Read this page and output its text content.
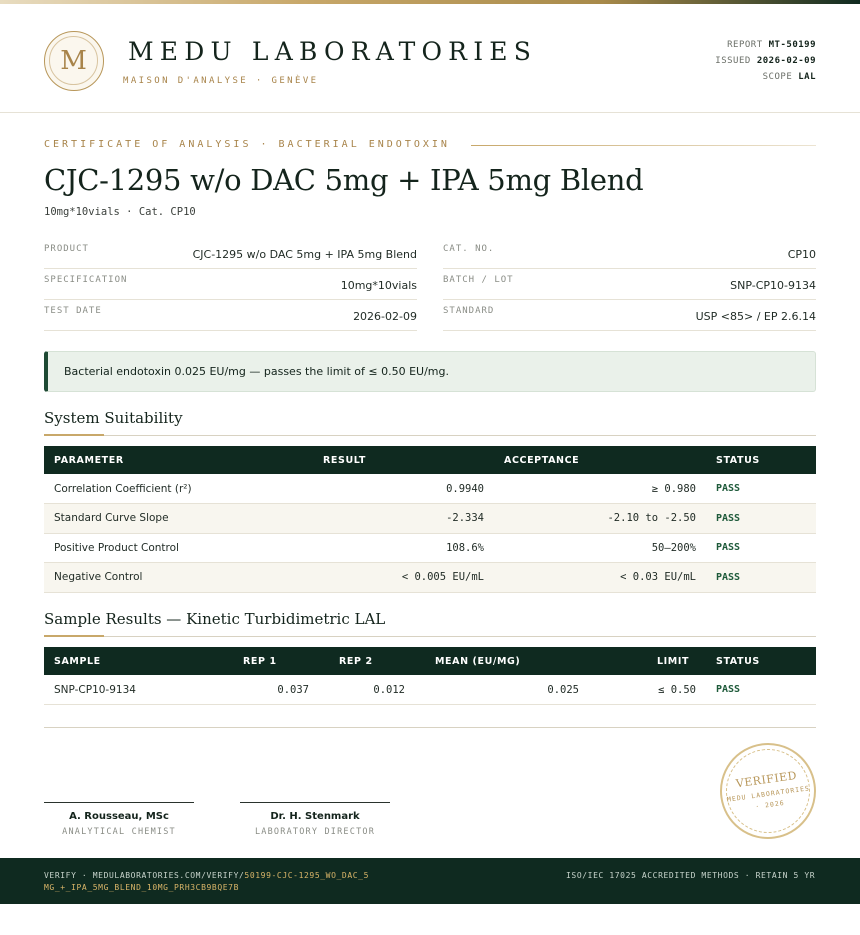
M	MEDU LABORATORIES
MAISON D'ANALYSE · GENÈVE
REPORT MT-50199
ISSUED 2026-02-09
SCOPE LAL
CERTIFICATE OF ANALYSIS · BACTERIAL ENDOTOXIN
CJC-1295 w/o DAC 5mg + IPA 5mg Blend
10mg*10vials · Cat. CP10
PRODUCT	CJC-1295 w/o DAC 5mg + IPA 5mg Blend
SPECIFICATION	10mg*10vials
TEST DATE	2026-02-09
CAT. NO.	CP10
BATCH / LOT	SNP-CP10-9134
STANDARD	USP <85> / EP 2.6.14
Bacterial endotoxin 0.025 EU/mg — passes the limit of ≤ 0.50 EU/mg.
System Suitability
PARAMETER	RESULT	ACCEPTANCE	STATUS
Correlation Coefficient (r²)	0.9940	≥ 0.980	PASS
Standard Curve Slope	-2.334	-2.10 to -2.50	PASS
Positive Product Control	108.6%	50–200%	PASS
Negative Control	< 0.005 EU/mL	< 0.03 EU/mL	PASS
Sample Results — Kinetic Turbidimetric LAL
SAMPLE	REP 1	REP 2	MEAN (EU/MG)	LIMIT	STATUS
SNP-CP10-9134	0.037	0.012	0.025	≤ 0.50	PASS
A. Rousseau, MSc
ANALYTICAL CHEMIST
Dr. H. Stenmark
LABORATORY DIRECTOR
VERIFIED
MEDU LABORATORIES · 2026
VERIFY · MEDULABORATORIES.COM/VERIFY/50199-CJC-1295_WO_DAC_5MG_+_IPA_5MG_BLEND_10MG_PRH3CB9BQE7B
ISO/IEC 17025 ACCREDITED METHODS · RETAIN 5 YR
